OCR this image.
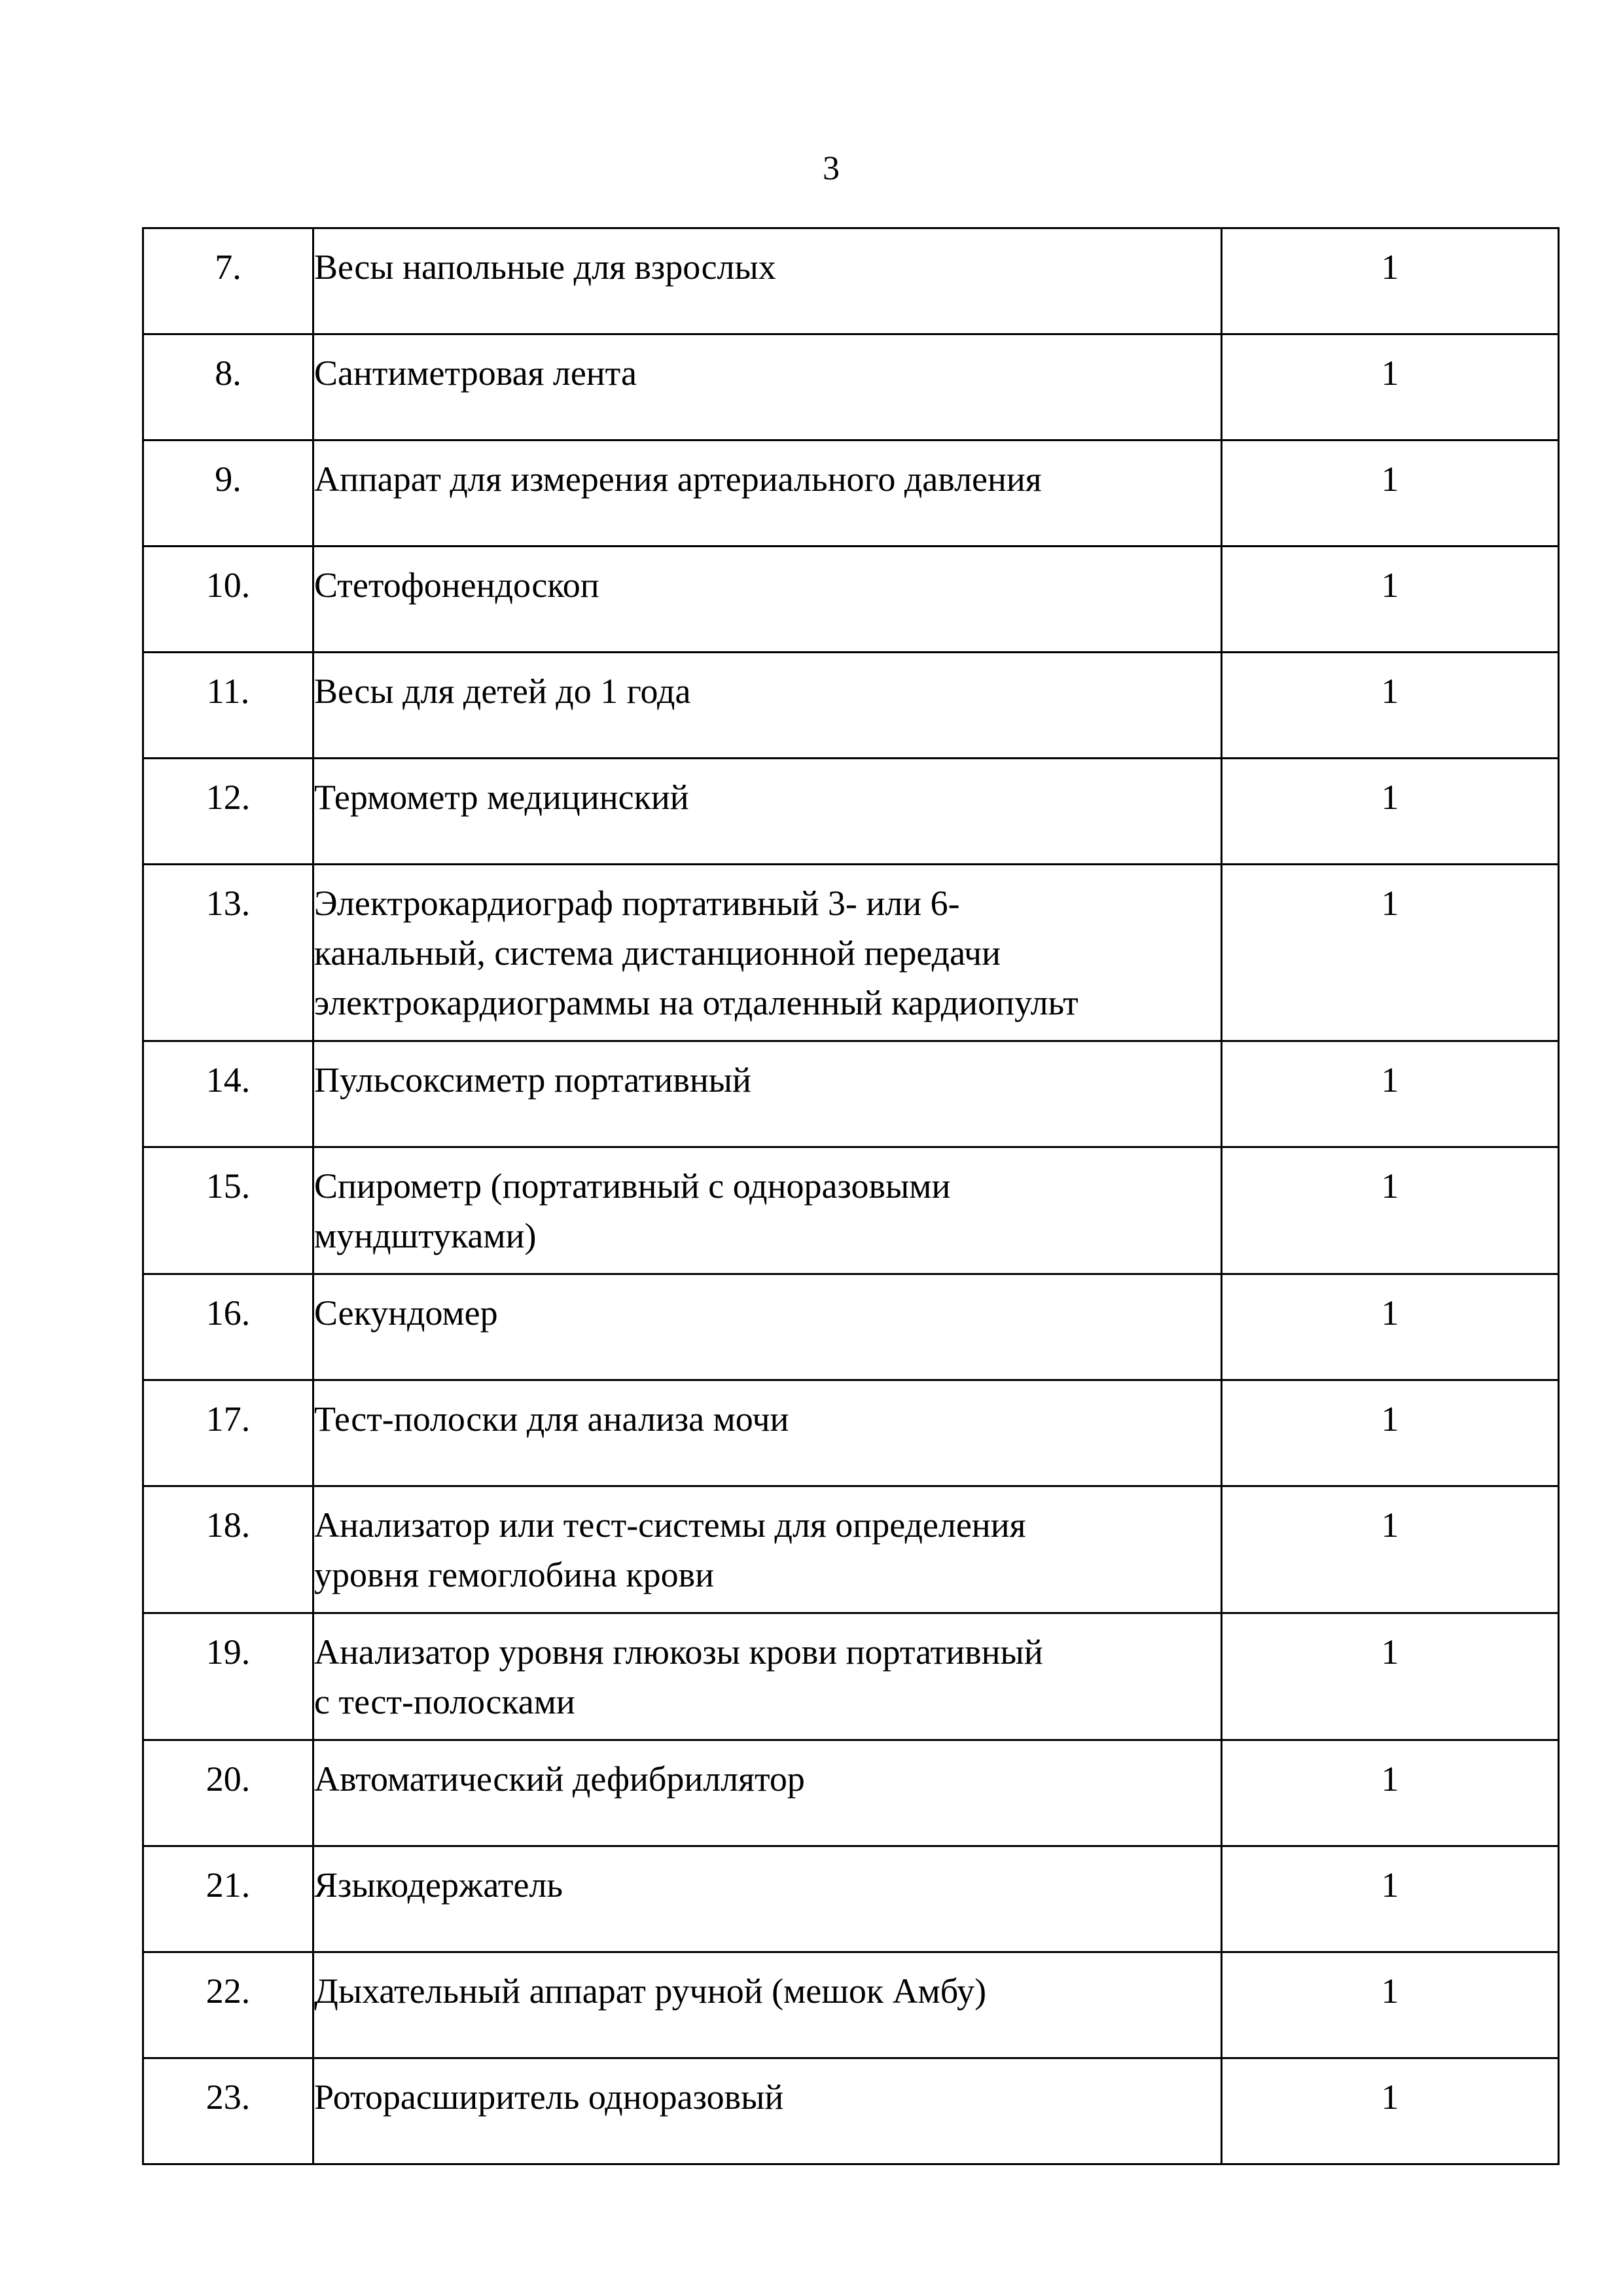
3
7.	Весы напольные для взрослых	1
8.	Сантиметровая лента	1
9.	Аппарат для измерения артериального давления	1
10.	Стетофонендоскоп	1
11.	Весы для детей до 1 года	1
12.	Термометр медицинский	1
13.	Электрокардиограф портативный 3- или 6-
канальный, система дистанционной передачи
электрокардиограммы на отдаленный кардиопульт	1
14.	Пульсоксиметр портативный	1
15.	Спирометр (портативный с одноразовыми
мундштуками)	1
16.	Секундомер	1
17.	Тест-полоски для анализа мочи	1
18.	Анализатор или тест-системы для определения
уровня гемоглобина крови	1
19.	Анализатор уровня глюкозы крови портативный
с тест-полосками	1
20.	Автоматический дефибриллятор	1
21.	Языкодержатель	1
22.	Дыхательный аппарат ручной (мешок Амбу)	1
23.	Роторасширитель одноразовый	1
